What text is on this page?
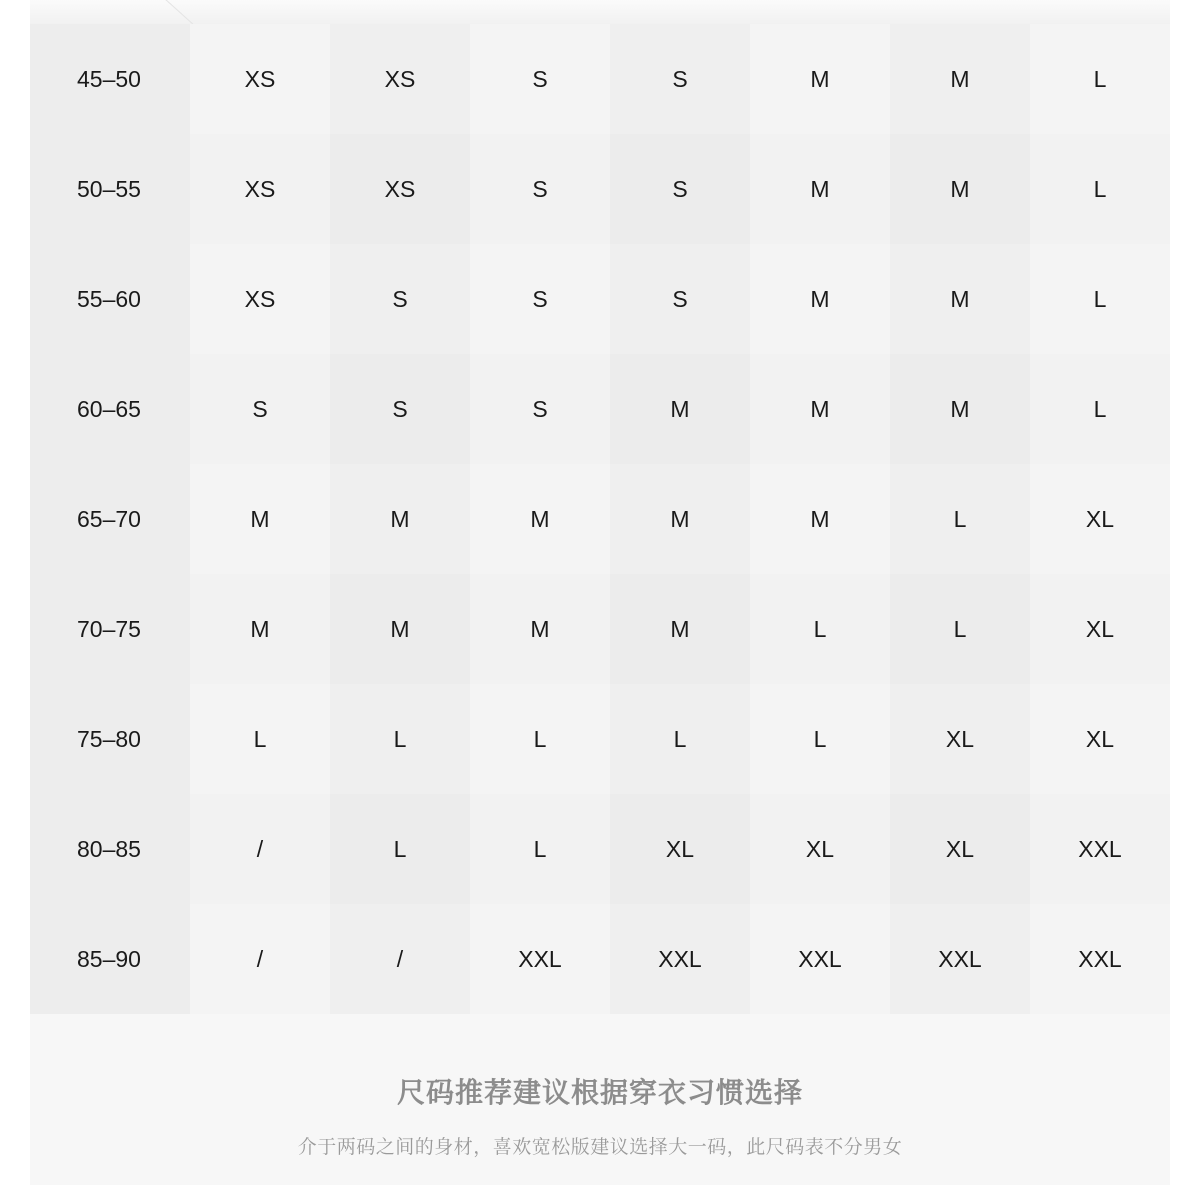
45–50	XS	XS	S	S	M	M	L
50–55	XS	XS	S	S	M	M	L
55–60	XS	S	S	S	M	M	L
60–65	S	S	S	M	M	M	L
65–70	M	M	M	M	M	L	XL
70–75	M	M	M	M	L	L	XL
75–80	L	L	L	L	L	XL	XL
80–85	/	L	L	XL	XL	XL	XXL
85–90	/	/	XXL	XXL	XXL	XXL	XXL
尺码推荐建议根据穿衣习惯选择
介于两码之间的身材，喜欢宽松版建议选择大一码，此尺码表不分男女
